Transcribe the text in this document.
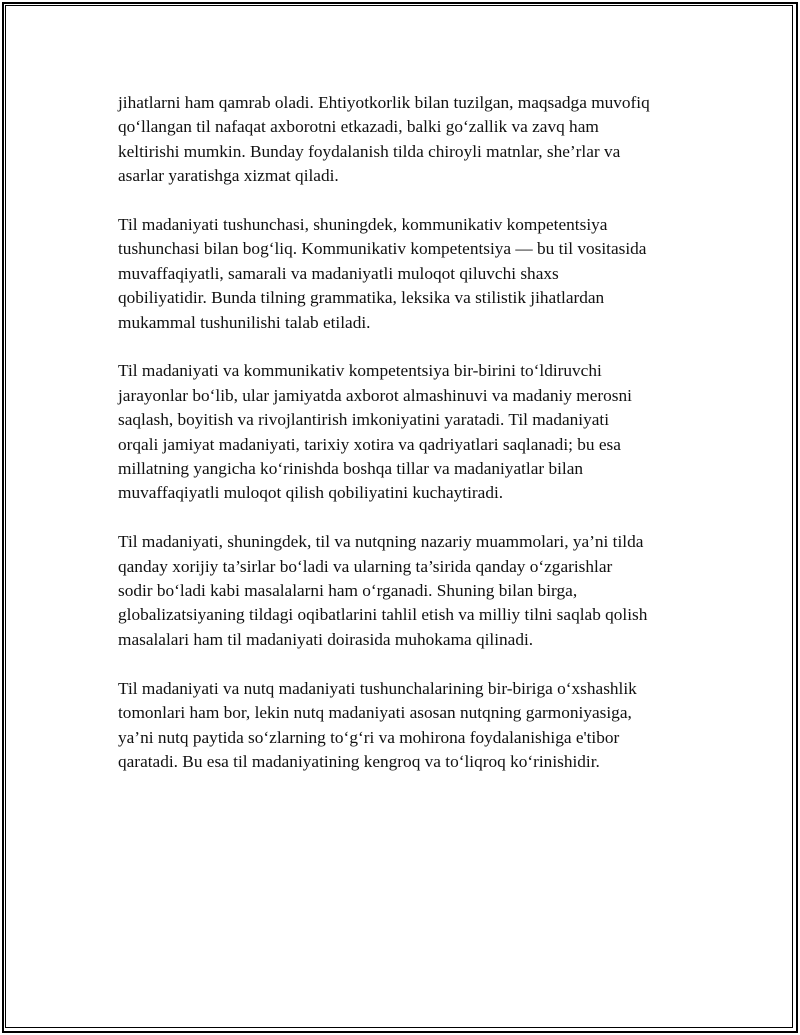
jihatlarni ham qamrab oladi. Ehtiyotkorlik bilan tuzilgan, maqsadga muvofiq
qo‘llangan til nafaqat axborotni etkazadi, balki go‘zallik va zavq ham
keltirishi mumkin. Bunday foydalanish tilda chiroyli matnlar, she’rlar va
asarlar yaratishga xizmat qiladi.

Til madaniyati tushunchasi, shuningdek, kommunikativ kompetentsiya
tushunchasi bilan bog‘liq. Kommunikativ kompetentsiya — bu til vositasida
muvaffaqiyatli, samarali va madaniyatli muloqot qiluvchi shaxs
qobiliyatidir. Bunda tilning grammatika, leksika va stilistik jihatlardan
mukammal tushunilishi talab etiladi.

Til madaniyati va kommunikativ kompetentsiya bir-birini to‘ldiruvchi
jarayonlar bo‘lib, ular jamiyatda axborot almashinuvi va madaniy merosni
saqlash, boyitish va rivojlantirish imkoniyatini yaratadi. Til madaniyati
orqali jamiyat madaniyati, tarixiy xotira va qadriyatlari saqlanadi; bu esa
millatning yangicha ko‘rinishda boshqa tillar va madaniyatlar bilan
muvaffaqiyatli muloqot qilish qobiliyatini kuchaytiradi.

Til madaniyati, shuningdek, til va nutqning nazariy muammolari, ya’ni tilda
qanday xorijiy ta’sirlar bo‘ladi va ularning ta’sirida qanday o‘zgarishlar
sodir bo‘ladi kabi masalalarni ham o‘rganadi. Shuning bilan birga,
globalizatsiyaning tildagi oqibatlarini tahlil etish va milliy tilni saqlab qolish
masalalari ham til madaniyati doirasida muhokama qilinadi.

Til madaniyati va nutq madaniyati tushunchalarining bir-biriga o‘xshashlik
tomonlari ham bor, lekin nutq madaniyati asosan nutqning garmoniyasiga,
ya’ni nutq paytida so‘zlarning to‘g‘ri va mohirona foydalanishiga e'tibor
qaratadi. Bu esa til madaniyatining kengroq va to‘liqroq ko‘rinishidir.
